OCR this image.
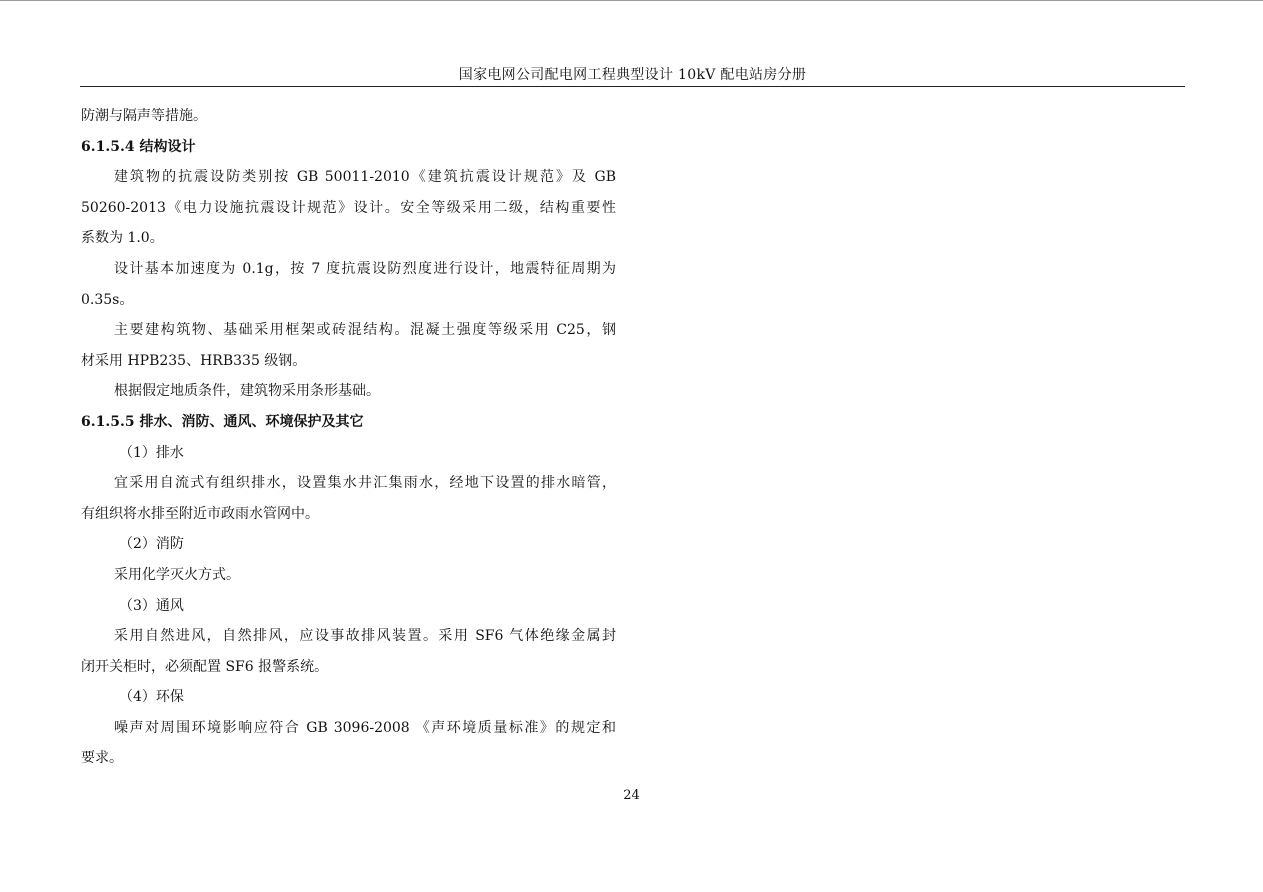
国家电网公司配电网工程典型设计 10kV 配电站房分册
防潮与隔声等措施。
6.1.5.4 结构设计
建筑物的抗震设防类别按 GB 50011-2010《建筑抗震设计规范》及 GB
50260-2013《电力设施抗震设计规范》设计。安全等级采用二级，结构重要性
系数为 1.0。
设计基本加速度为 0.1g，按 7 度抗震设防烈度进行设计，地震特征周期为
0.35s。
主要建构筑物、基础采用框架或砖混结构。混凝土强度等级采用 C25，钢
材采用 HPB235、HRB335 级钢。
根据假定地质条件，建筑物采用条形基础。
6.1.5.5 排水、消防、通风、环境保护及其它
（1）排水
宜采用自流式有组织排水，设置集水井汇集雨水，经地下设置的排水暗管，
有组织将水排至附近市政雨水管网中。
（2）消防
采用化学灭火方式。
（3）通风
采用自然进风，自然排风，应设事故排风装置。采用 SF6 气体绝缘金属封
闭开关柜时，必须配置 SF6 报警系统。
（4）环保
噪声对周围环境影响应符合 GB 3096-2008 《声环境质量标准》的规定和
要求。
24
